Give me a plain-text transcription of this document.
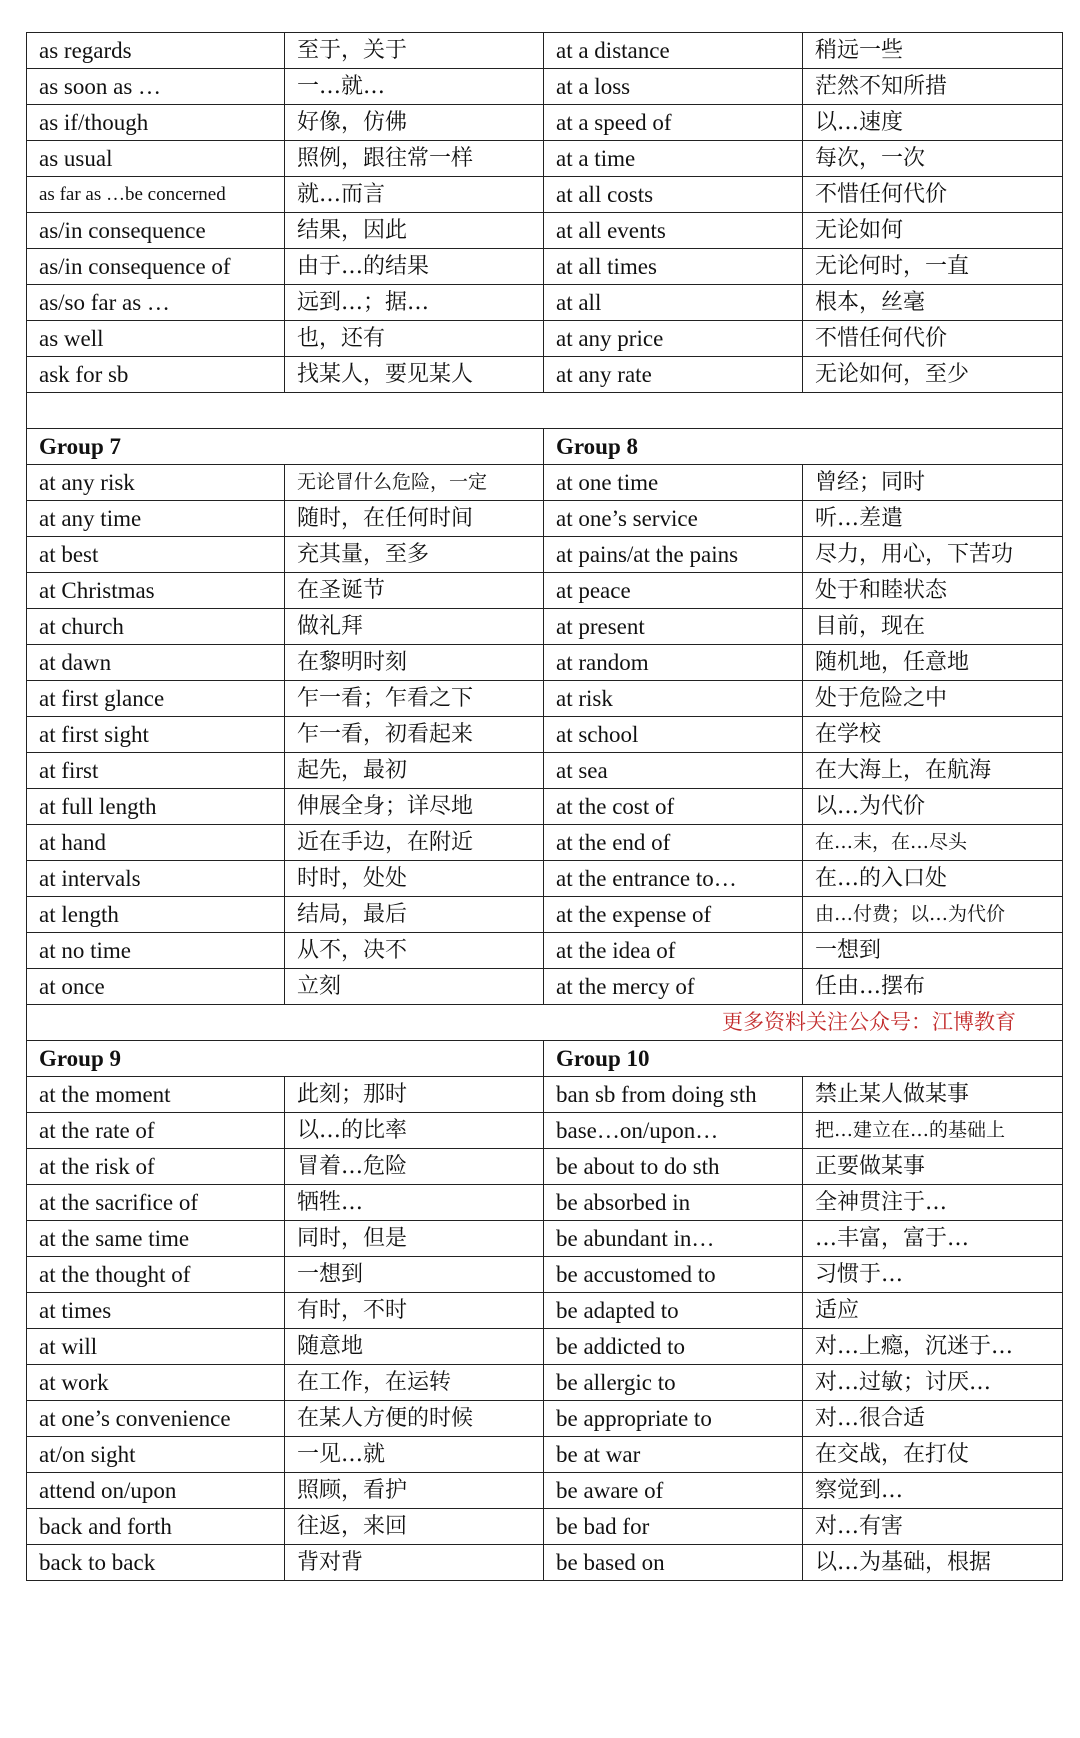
as regards	至于，关于	at a distance	稍远一些
as soon as …	一…就…	at a loss	茫然不知所措
as if/though	好像，仿佛	at a speed of	以…速度
as usual	照例，跟往常一样	at a time	每次，一次
as far as …be concerned	就…而言	at all costs	不惜任何代价
as/in consequence	结果，因此	at all events	无论如何
as/in consequence of	由于…的结果	at all times	无论何时，一直
as/so far as …	远到…；据…	at all	根本，丝毫
as well	也，还有	at any price	不惜任何代价
ask for sb	找某人，要见某人	at any rate	无论如何，至少

Group 7		Group 8	
at any risk	无论冒什么危险，一定	at one time	曾经；同时
at any time	随时，在任何时间	at one’s service	听…差遣
at best	充其量，至多	at pains/at the pains	尽力，用心，下苦功
at Christmas	在圣诞节	at peace	处于和睦状态
at church	做礼拜	at present	目前，现在
at dawn	在黎明时刻	at random	随机地，任意地
at first glance	乍一看；乍看之下	at risk	处于危险之中
at first sight	乍一看，初看起来	at school	在学校
at first	起先，最初	at sea	在大海上，在航海
at full length	伸展全身；详尽地	at the cost of	以…为代价
at hand	近在手边，在附近	at the end of	在…末，在…尽头
at intervals	时时，处处	at the entrance to…	在…的入口处
at length	结局，最后	at the expense of	由…付费；以…为代价
at no time	从不，决不	at the idea of	一想到
at once	立刻	at the mercy of	任由…摆布
更多资料关注公众号：江博教育			
Group 9		Group 10	
at the moment	此刻；那时	ban sb from doing sth	禁止某人做某事
at the rate of	以…的比率	base…on/upon…	把…建立在…的基础上
at the risk of	冒着…危险	be about to do sth	正要做某事
at the sacrifice of	牺牲…	be absorbed in	全神贯注于…
at the same time	同时，但是	be abundant in…	…丰富，富于…
at the thought of	一想到	be accustomed to	习惯于…
at times	有时，不时	be adapted to	适应
at will	随意地	be addicted to	对…上瘾，沉迷于…
at work	在工作，在运转	be allergic to	对…过敏；讨厌…
at one’s convenience	在某人方便的时候	be appropriate to	对…很合适
at/on sight	一见…就	be at war	在交战，在打仗
attend on/upon	照顾，看护	be aware of	察觉到…
back and forth	往返，来回	be bad for	对…有害
back to back	背对背	be based on	以…为基础，根据
